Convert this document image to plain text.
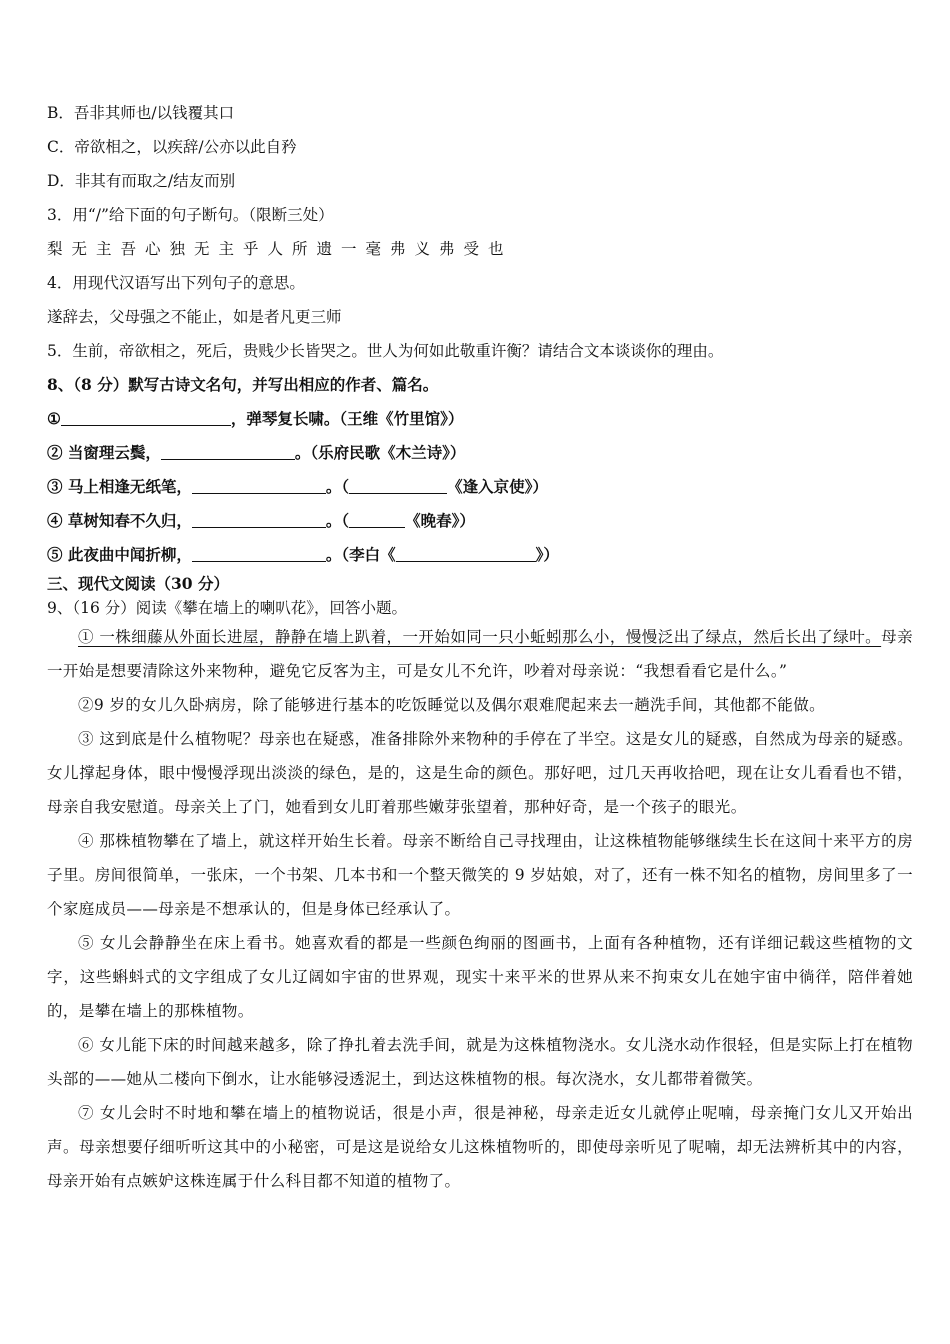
B．吾非其师也/以钱覆其口
C．帝欲相之，以疾辞/公亦以此自矜
D．非其有而取之/结友而别
3．用“/”给下面的句子断句。（限断三处）
梨无主吾心独无主乎人所遗一毫弗义弗受也
4．用现代汉语写出下列句子的意思。
遂辞去，父母强之不能止，如是者凡更三师
5．生前，帝欲相之，死后，贵贱少长皆哭之。世人为何如此敬重许衡？请结合文本谈谈你的理由。
8、（8 分）默写古诗文名句，并写出相应的作者、篇名。
①	，弹琴复长啸。（王维《竹里馆》）
② 当窗理云鬓，	。（乐府民歌《木兰诗》）
③ 马上相逢无纸笔，	。（	《逢入京使》）
④ 草树知春不久归，	。（	《晚春》）
⑤ 此夜曲中闻折柳，	。（李白《	》）
三、现代文阅读（30 分）
9、（16 分）阅读《攀在墙上的喇叭花》，回答小题。
① 一株细藤从外面长进屋，静静在墙上趴着，一开始如同一只小蚯蚓那么小，慢慢泛出了绿点，然后长出了绿叶。母亲一开始是想要清除这外来物种，避免它反客为主，可是女儿不允许，吵着对母亲说：“我想看看它是什么。”
②9 岁的女儿久卧病房，除了能够进行基本的吃饭睡觉以及偶尔艰难爬起来去一趟洗手间，其他都不能做。
③ 这到底是什么植物呢？母亲也在疑惑，准备排除外来物种的手停在了半空。这是女儿的疑惑，自然成为母亲的疑惑。女儿撑起身体，眼中慢慢浮现出淡淡的绿色，是的，这是生命的颜色。那好吧，过几天再收拾吧，现在让女儿看看也不错，母亲自我安慰道。母亲关上了门，她看到女儿盯着那些嫩芽张望着，那种好奇，是一个孩子的眼光。
④ 那株植物攀在了墙上，就这样开始生长着。母亲不断给自己寻找理由，让这株植物能够继续生长在这间十来平方的房子里。房间很简单，一张床，一个书架、几本书和一个整天微笑的 9 岁姑娘，对了，还有一株不知名的植物，房间里多了一个家庭成员——母亲是不想承认的，但是身体已经承认了。
⑤ 女儿会静静坐在床上看书。她喜欢看的都是一些颜色绚丽的图画书，上面有各种植物，还有详细记载这些植物的文字，这些蝌蚪式的文字组成了女儿辽阔如宇宙的世界观，现实十来平米的世界从来不拘束女儿在她宇宙中徜徉，陪伴着她的，是攀在墙上的那株植物。
⑥ 女儿能下床的时间越来越多，除了挣扎着去洗手间，就是为这株植物浇水。女儿浇水动作很轻，但是实际上打在植物头部的——她从二楼向下倒水，让水能够浸透泥土，到达这株植物的根。每次浇水，女儿都带着微笑。
⑦ 女儿会时不时地和攀在墙上的植物说话，很是小声，很是神秘，母亲走近女儿就停止呢喃，母亲掩门女儿又开始出声。母亲想要仔细听听这其中的小秘密，可是这是说给女儿这株植物听的，即使母亲听见了呢喃，却无法辨析其中的内容，母亲开始有点嫉妒这株连属于什么科目都不知道的植物了。
